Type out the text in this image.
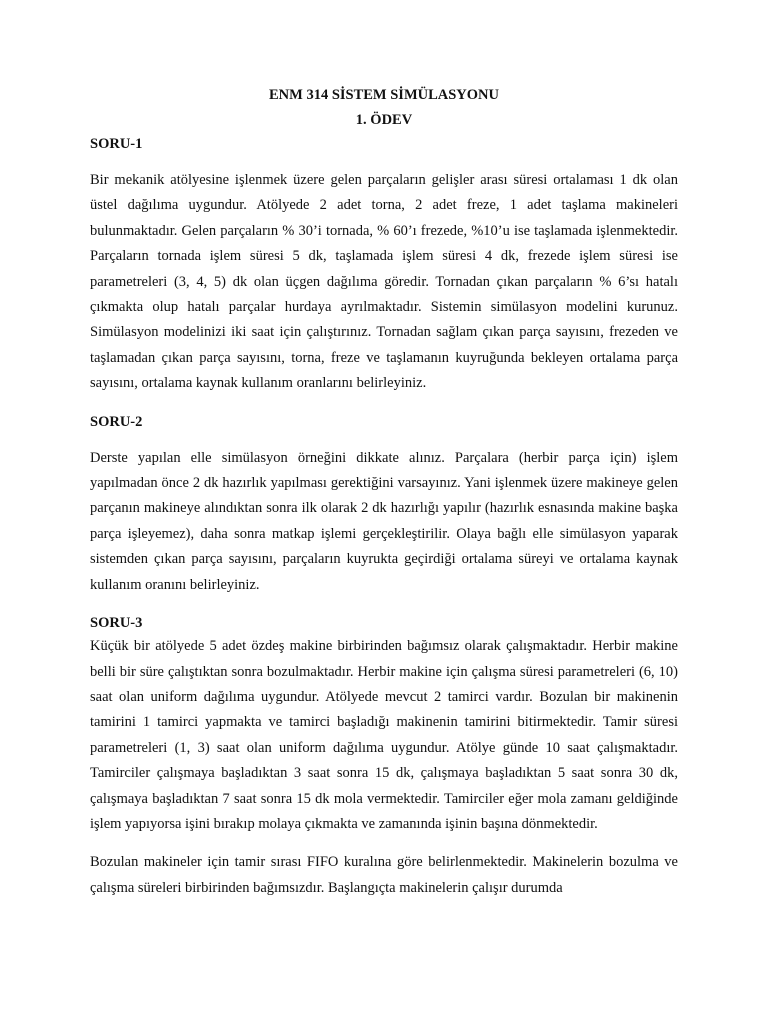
ENM 314 SİSTEM SİMÜLASYONU

1. ÖDEV

SORU-1

Bir mekanik atölyesine işlenmek üzere gelen parçaların gelişler arası süresi ortalaması 1 dk olan üstel dağılıma uygundur. Atölyede 2 adet torna, 2 adet freze, 1 adet taşlama makineleri bulunmaktadır. Gelen parçaların % 30’i tornada, % 60’ı frezede, %10’u ise taşlamada işlenmektedir. Parçaların tornada işlem süresi 5 dk, taşlamada işlem süresi 4 dk, frezede işlem süresi ise parametreleri (3, 4, 5) dk olan üçgen dağılıma göredir. Tornadan çıkan parçaların % 6’sı hatalı çıkmakta olup hatalı parçalar hurdaya ayrılmaktadır. Sistemin simülasyon modelini kurunuz. Simülasyon modelinizi iki saat için çalıştırınız. Tornadan sağlam çıkan parça sayısını, frezeden ve taşlamadan çıkan parça sayısını, torna, freze ve taşlamanın kuyruğunda bekleyen ortalama parça sayısını, ortalama kaynak kullanım oranlarını belirleyiniz.

SORU-2

Derste yapılan elle simülasyon örneğini dikkate alınız. Parçalara (herbir parça için) işlem yapılmadan önce 2 dk hazırlık yapılması gerektiğini varsayınız. Yani işlenmek üzere makineye gelen parçanın makineye alındıktan sonra ilk olarak 2 dk hazırlığı yapılır (hazırlık esnasında makine başka parça işleyemez), daha sonra matkap işlemi gerçekleştirilir. Olaya bağlı elle simülasyon yaparak sistemden çıkan parça sayısını, parçaların kuyrukta geçirdiği ortalama süreyi ve ortalama kaynak kullanım oranını belirleyiniz.

SORU-3

Küçük bir atölyede 5 adet özdeş makine birbirinden bağımsız olarak çalışmaktadır. Herbir makine belli bir süre çalıştıktan sonra bozulmaktadır. Herbir makine için çalışma süresi parametreleri (6, 10) saat olan uniform dağılıma uygundur. Atölyede mevcut 2 tamirci vardır. Bozulan bir makinenin tamirini 1 tamirci yapmakta ve tamirci başladığı makinenin tamirini bitirmektedir. Tamir süresi parametreleri (1, 3) saat olan uniform dağılıma uygundur. Atölye günde 10 saat çalışmaktadır. Tamirciler çalışmaya başladıktan 3 saat sonra 15 dk, çalışmaya başladıktan 5 saat sonra 30 dk, çalışmaya başladıktan 7 saat sonra 15 dk mola vermektedir. Tamirciler eğer mola zamanı geldiğinde işlem yapıyorsa işini bırakıp molaya çıkmakta ve zamanında işinin başına dönmektedir.

Bozulan makineler için tamir sırası FIFO kuralına göre belirlenmektedir. Makinelerin bozulma ve çalışma süreleri birbirinden bağımsızdır. Başlangıçta makinelerin çalışır durumda
